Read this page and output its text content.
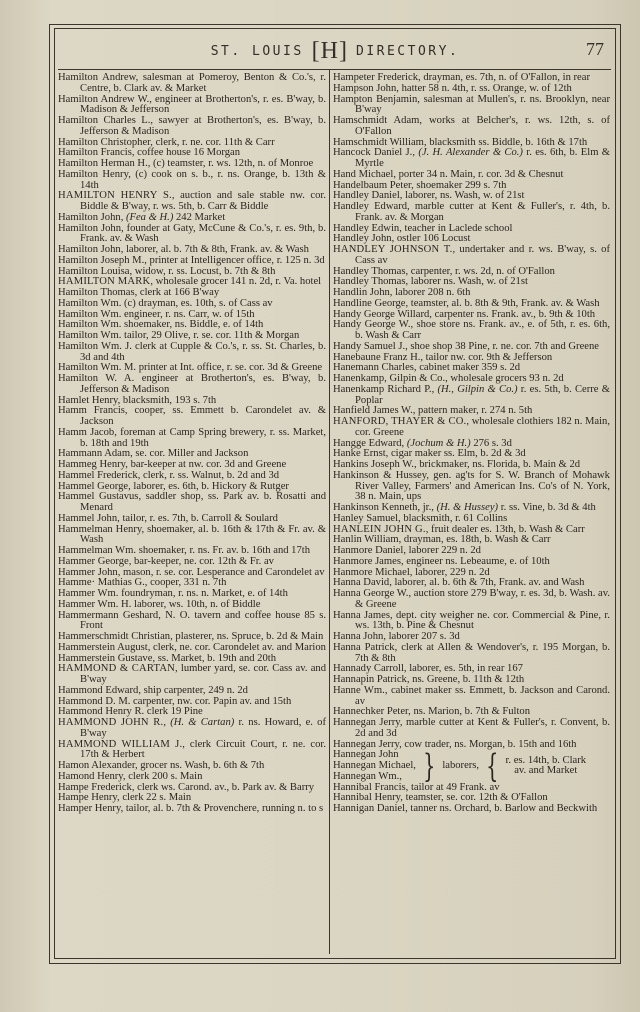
ST. LOUIS [H] DIRECTORY.	77

Hamilton Andrew, salesman at Pomeroy, Benton & Co.'s, r. Centre, b. Clark av. & Market

Hamilton Andrew W., engineer at Brotherton's, r. es. B'way, b. Madison & Jefferson

Hamilton Charles L., sawyer at Brotherton's, es. B'way, b. Jefferson & Madison

Hamilton Christopher, clerk, r. ne. cor. 11th & Carr

Hamilton Francis, coffee house 16 Morgan

Hamilton Herman H., (c) teamster, r. ws. 12th, n. of Monroe

Hamilton Henry, (c) cook on s. b., r. ns. Orange, b. 13th & 14th

HAMILTON HENRY S., auction and sale stable nw. cor. Biddle & B'way, r. ws. 5th, b. Carr & Biddle

Hamilton John, (Fea & H.) 242 Market

Hamilton John, founder at Gaty, McCune & Co.'s, r. es. 9th, b. Frank. av. & Wash

Hamilton John, laborer, al. b. 7th & 8th, Frank. av. & Wash

Hamilton Joseph M., printer at Intelligencer office, r. 125 n. 3d

Hamilton Louisa, widow, r. ss. Locust, b. 7th & 8th

HAMILTON MARK, wholesale grocer 141 n. 2d, r. Va. hotel

Hamilton Thomas, clerk at 166 B'way

Hamilton Wm. (c) drayman, es. 10th, s. of Cass av

Hamilton Wm. engineer, r. ns. Carr, w. of 15th

Hamilton Wm. shoemaker, ns. Biddle, e. of 14th

Hamilton Wm. tailor, 29 Olive, r. se. cor. 11th & Morgan

Hamilton Wm. J. clerk at Cupple & Co.'s, r. ss. St. Charles, b. 3d and 4th

Hamilton Wm. M. printer at Int. office, r. se. cor. 3d & Greene

Hamilton W. A. engineer at Brotherton's, es. B'way, b. Jefferson & Madison

Hamlet Henry, blacksmith, 193 s. 7th

Hamm Francis, cooper, ss. Emmett b. Carondelet av. & Jackson

Hamm Jacob, foreman at Camp Spring brewery, r. ss. Market, b. 18th and 19th

Hammann Adam, se. cor. Miller and Jackson

Hammeg Henry, bar-keeper at nw. cor. 3d and Greene

Hammel Frederick, clerk, r. ss. Walnut, b. 2d and 3d

Hammel George, laborer, es. 6th, b. Hickory & Rutger

Hammel Gustavus, saddler shop, ss. Park av. b. Rosatti and Menard

Hammel John, tailor, r. es. 7th, b. Carroll & Soulard

Hammelman Henry, shoemaker, al. b. 16th & 17th & Fr. av. & Wash

Hammelman Wm. shoemaker, r. ns. Fr. av. b. 16th and 17th

Hammer George, bar-keeper, ne. cor. 12th & Fr. av

Hammer John, mason, r. se. cor. Lesperance and Carondelet av

Hamme· Mathias G., cooper, 331 n. 7th

Hammer Wm. foundryman, r. ns. n. Market, e. of 14th

Hammer Wm. H. laborer, ws. 10th, n. of Biddle

Hammermann Geshard, N. O. tavern and coffee house 85 s. Front

Hammerschmidt Christian, plasterer, ns. Spruce, b. 2d & Main

Hammerstein August, clerk, ne. cor. Carondelet av. and Marion

Hammerstein Gustave, ss. Market, b. 19th and 20th

HAMMOND & CARTAN, lumber yard, se. cor. Cass av. and B'way

Hammond Edward, ship carpenter, 249 n. 2d

Hammond D. M. carpenter, nw. cor. Papin av. and 15th

Hammond Henry R. clerk 19 Pine

HAMMOND JOHN R., (H. & Cartan) r. ns. Howard, e. of B'way

HAMMOND WILLIAM J., clerk Circuit Court, r. ne. cor. 17th & Herbert

Hamon Alexander, grocer ns. Wash, b. 6th & 7th

Hamond Henry, clerk 200 s. Main

Hampe Frederick, clerk ws. Carond. av., b. Park av. & Barry

Hampe Henry, clerk 22 s. Main

Hamper Henry, tailor, al. b. 7th & Provenchere, running n. to s

Hampeter Frederick, drayman, es. 7th, n. of O'Fallon, in rear

Hampson John, hatter 58 n. 4th, r. ss. Orange, w. of 12th

Hampton Benjamin, salesman at Mullen's, r. ns. Brooklyn, near B'way

Hamschmidt Adam, works at Belcher's, r. ws. 12th, s. of O'Fallon

Hamschmidt William, blacksmith ss. Biddle, b. 16th & 17th

Hancock Daniel J., (J. H. Alexander & Co.) r. es. 6th, b. Elm & Myrtle

Hand Michael, porter 34 n. Main, r. cor. 3d & Chesnut

Handelbaum Peter, shoemaker 299 s. 7th

Handley Daniel, laborer, ns. Wash, w. of 21st

Handley Edward, marble cutter at Kent & Fuller's, r. 4th, b. Frank. av. & Morgan

Handley Edwin, teacher in Laclede school

Handley John, ostler 106 Locust

HANDLEY JOHNSON T., undertaker and r. ws. B'way, s. of Cass av

Handley Thomas, carpenter, r. ws. 2d, n. of O'Fallon

Handley Thomas, laborer ns. Wash, w. of 21st

Handlin John, laborer 208 n. 6th

Handline George, teamster, al. b. 8th & 9th, Frank. av. & Wash

Handy George Willard, carpenter ns. Frank. av., b. 9th & 10th

Handy George W., shoe store ns. Frank. av., e. of 5th, r. es. 6th, b. Wash & Carr

Handy Samuel J., shoe shop 38 Pine, r. ne. cor. 7th and Greene

Hanebaune Franz H., tailor nw. cor. 9th & Jefferson

Hanemann Charles, cabinet maker 359 s. 2d

Hanenkamp, Gilpin & Co., wholesale grocers 93 n. 2d

Hanenkamp Richard P., (H., Gilpin & Co.) r. es. 5th, b. Cerre & Poplar

Hanfield James W., pattern maker, r. 274 n. 5th

HANFORD, THAYER & CO., wholesale clothiers 182 n. Main, cor. Greene

Hangge Edward, (Jochum & H.) 276 s. 3d

Hanke Ernst, cigar maker ss. Elm, b. 2d & 3d

Hankins Joseph W., brickmaker, ns. Florida, b. Main & 2d

Hankinson & Hussey, gen. ag'ts for S. W. Branch of Mohawk River Valley, Farmers' and American Ins. Co's of N. York, 38 n. Main, ups

Hankinson Kenneth, jr., (H. & Hussey) r. ss. Vine, b. 3d & 4th

Hanley Samuel, blacksmith, r. 61 Collins

HANLEIN JOHN G., fruit dealer es. 13th, b. Wash & Carr

Hanlin William, drayman, es. 18th, b. Wash & Carr

Hanmore Daniel, laborer 229 n. 2d

Hanmore James, engineer ns. Lebeaume, e. of 10th

Hanmore Michael, laborer, 229 n. 2d

Hanna David, laborer, al. b. 6th & 7th, Frank. av. and Wash

Hanna George W., auction store 279 B'way, r. es. 3d, b. Wash. av. & Greene

Hanna James, dept. city weigher ne. cor. Commercial & Pine, r. ws. 13th, b. Pine & Chesnut

Hanna John, laborer 207 s. 3d

Hanna Patrick, clerk at Allen & Wendover's, r. 195 Morgan, b. 7th & 8th

Hannady Carroll, laborer, es. 5th, in rear 167

Hannapin Patrick, ns. Greene, b. 11th & 12th

Hanne Wm., cabinet maker ss. Emmett, b. Jackson and Carond. av

Hannechker Peter, ns. Marion, b. 7th & Fulton

Hannegan Jerry, marble cutter at Kent & Fuller's, r. Convent, b. 2d and 3d

Hannegan Jerry, cow trader, ns. Morgan, b. 15th and 16th

Hannegan John
Hannegan Michael,
Hannegan Wm., } laborers, { r. es. 14th, b. Clark
av. and Market

Hannibal Francis, tailor at 49 Frank. av

Hannibal Henry, teamster, se. cor. 12th & O'Fallon

Hannigan Daniel, tanner ns. Orchard, b. Barlow and Beckwith
